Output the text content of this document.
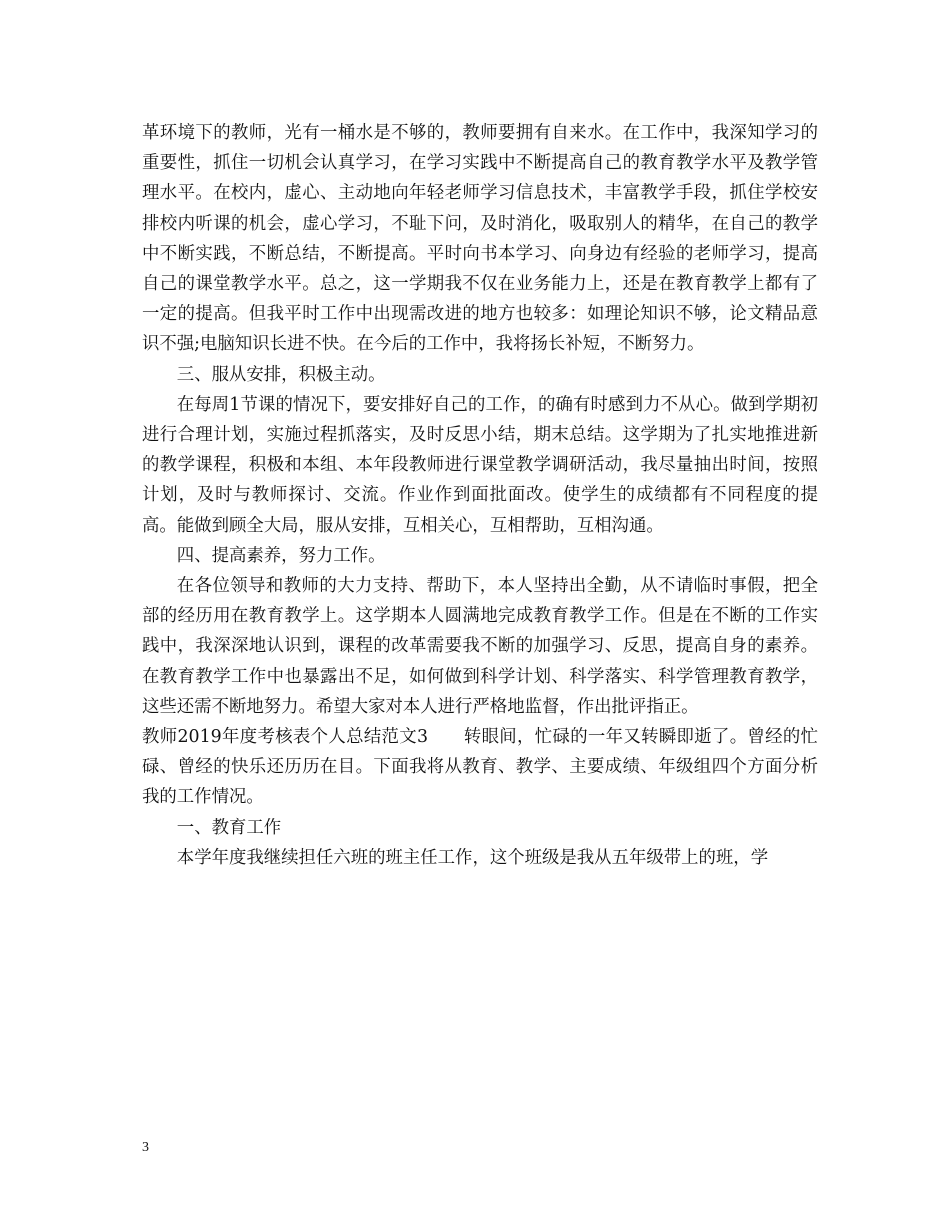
革环境下的教师，光有一桶水是不够的，教师要拥有自来水。在工作中，我深知学习的重要性，抓住一切机会认真学习，在学习实践中不断提高自己的教育教学水平及教学管理水平。在校内，虚心、主动地向年轻老师学习信息技术，丰富教学手段，抓住学校安排校内听课的机会，虚心学习，不耻下问，及时消化，吸取别人的精华，在自己的教学中不断实践，不断总结，不断提高。平时向书本学习、向身边有经验的老师学习，提高自己的课堂教学水平。总之，这一学期我不仅在业务能力上，还是在教育教学上都有了一定的提高。但我平时工作中出现需改进的地方也较多：如理论知识不够，论文精品意识不强;电脑知识长进不快。在今后的工作中，我将扬长补短，不断努力。

三、服从安排，积极主动。

在每周1节课的情况下，要安排好自己的工作，的确有时感到力不从心。做到学期初进行合理计划，实施过程抓落实，及时反思小结，期末总结。这学期为了扎实地推进新的教学课程，积极和本组、本年段教师进行课堂教学调研活动，我尽量抽出时间，按照计划，及时与教师探讨、交流。作业作到面批面改。使学生的成绩都有不同程度的提高。能做到顾全大局，服从安排，互相关心，互相帮助，互相沟通。

四、提高素养，努力工作。

在各位领导和教师的大力支持、帮助下，本人坚持出全勤，从不请临时事假，把全部的经历用在教育教学上。这学期本人圆满地完成教育教学工作。但是在不断的工作实践中，我深深地认识到，课程的改革需要我不断的加强学习、反思，提高自身的素养。在教育教学工作中也暴露出不足，如何做到科学计划、科学落实、科学管理教育教学，这些还需不断地努力。希望大家对本人进行严格地监督，作出批评指正。

教师2019年度考核表个人总结范文3　　转眼间，忙碌的一年又转瞬即逝了。曾经的忙碌、曾经的快乐还历历在目。下面我将从教育、教学、主要成绩、年级组四个方面分析我的工作情况。

一、教育工作

本学年度我继续担任六班的班主任工作，这个班级是我从五年级带上的班，学

3
